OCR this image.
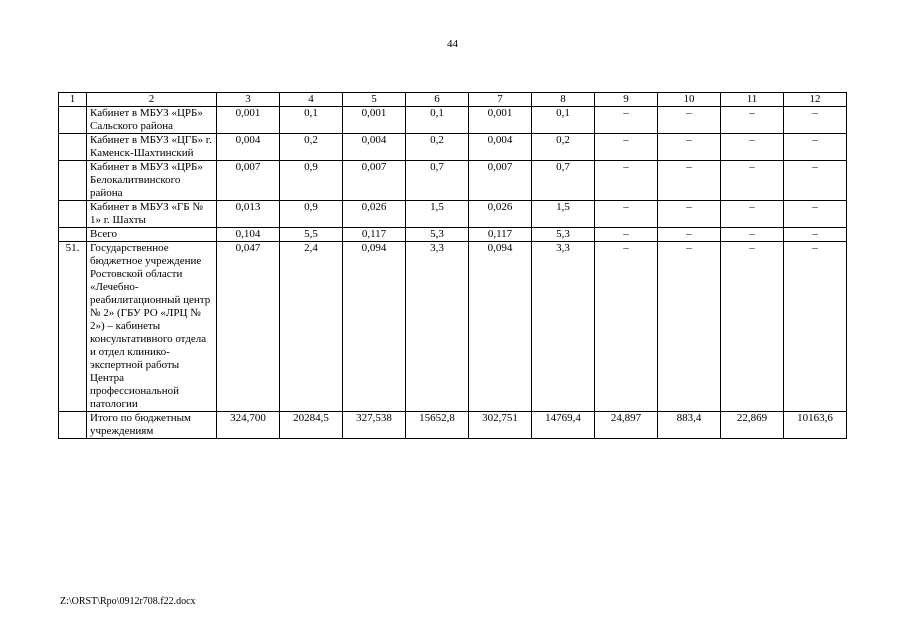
44
1	2	3	4	5	6	7	8	9	10	11	12
	Кабинет в МБУЗ «ЦРБ» Сальского района	0,001	0,1	0,001	0,1	0,001	0,1	–	–	–	–
	Кабинет в МБУЗ «ЦГБ» г. Каменск-Шахтинский	0,004	0,2	0,004	0,2	0,004	0,2	–	–	–	–
	Кабинет в МБУЗ «ЦРБ» Белокалитвинского района	0,007	0,9	0,007	0,7	0,007	0,7	–	–	–	–
	Кабинет в МБУЗ «ГБ № 1» г. Шахты	0,013	0,9	0,026	1,5	0,026	1,5	–	–	–	–
	Всего	0,104	5,5	0,117	5,3	0,117	5,3	–	–	–	–
51.	Государственное бюджетное учреждение Ростовской области «Лечебно-реабилитационный центр № 2» (ГБУ РО «ЛРЦ № 2») – кабинеты консультативного отдела и отдел клинико-экспертной работы Центра профессиональной патологии	0,047	2,4	0,094	3,3	0,094	3,3	–	–	–	–
	Итого по бюджетным учреждениям	324,700	20284,5	327,538	15652,8	302,751	14769,4	24,897	883,4	22,869	10163,6
Z:\ORST\Rpo\0912r708.f22.docx
